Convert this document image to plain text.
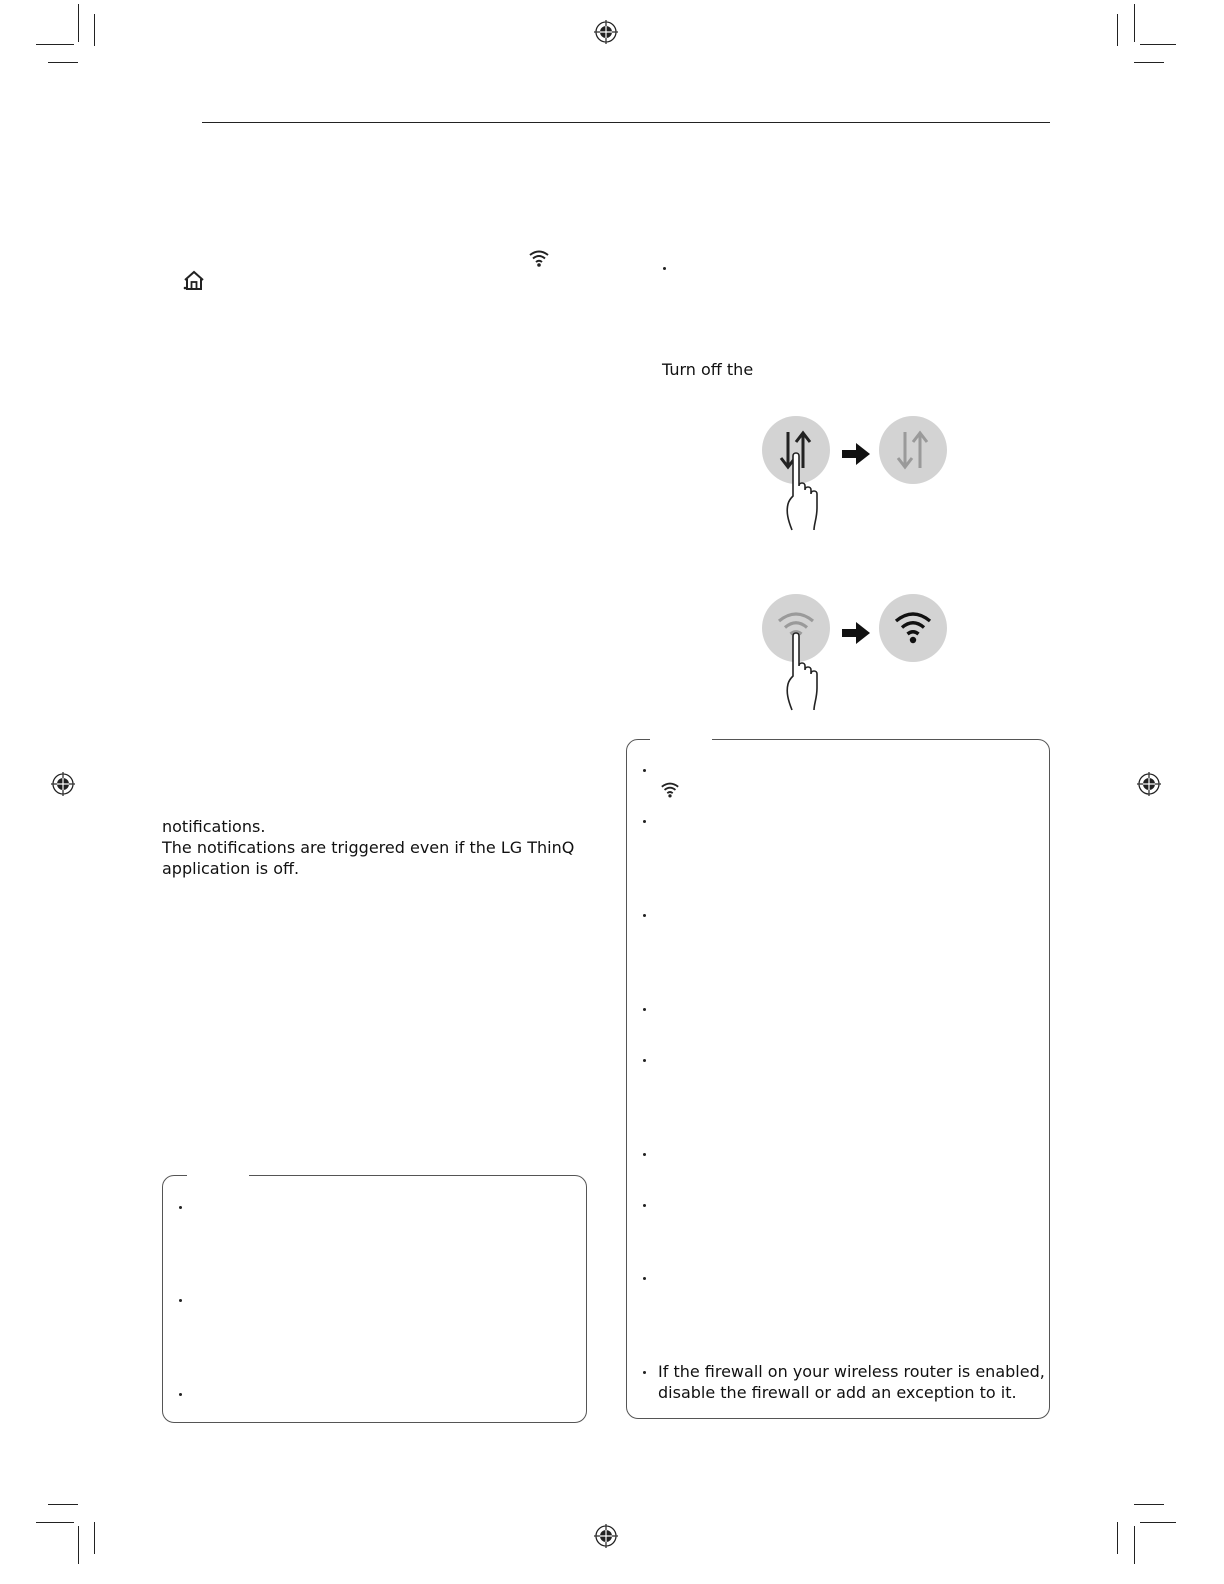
Turn off the
notifications.
The notifications are triggered even if the LG ThinQ
application is off.
If the firewall on your wireless router is enabled,
disable the firewall or add an exception to it.
